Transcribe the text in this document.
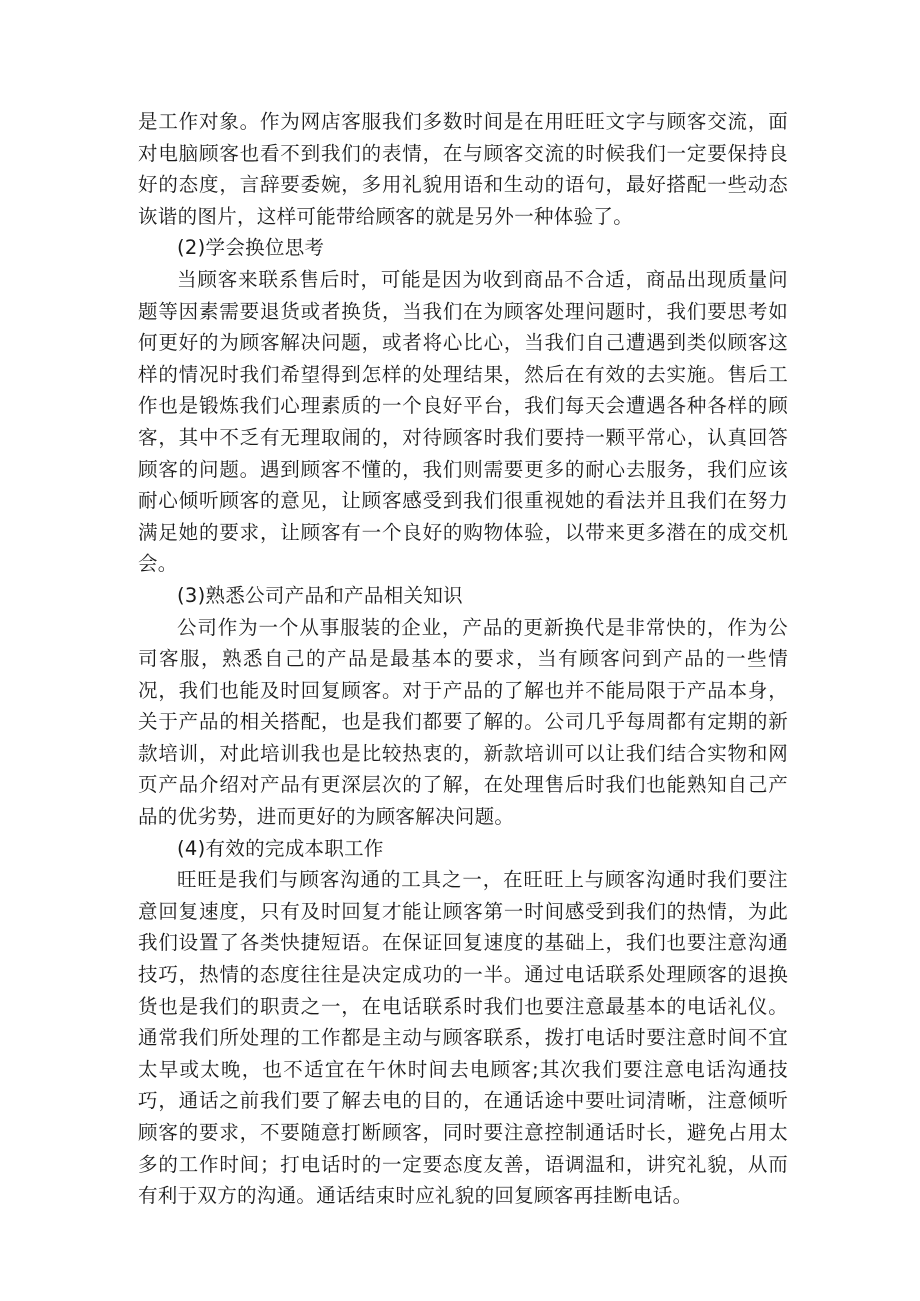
是工作对象。作为网店客服我们多数时间是在用旺旺文字与顾客交流，面对电脑顾客也看不到我们的表情，在与顾客交流的时候我们一定要保持良好的态度，言辞要委婉，多用礼貌用语和生动的语句，最好搭配一些动态诙谐的图片，这样可能带给顾客的就是另外一种体验了。

(2)学会换位思考

当顾客来联系售后时，可能是因为收到商品不合适，商品出现质量问题等因素需要退货或者换货，当我们在为顾客处理问题时，我们要思考如何更好的为顾客解决问题，或者将心比心，当我们自己遭遇到类似顾客这样的情况时我们希望得到怎样的处理结果，然后在有效的去实施。售后工作也是锻炼我们心理素质的一个良好平台，我们每天会遭遇各种各样的顾客，其中不乏有无理取闹的，对待顾客时我们要持一颗平常心，认真回答顾客的问题。遇到顾客不懂的，我们则需要更多的耐心去服务，我们应该耐心倾听顾客的意见，让顾客感受到我们很重视她的看法并且我们在努力满足她的要求，让顾客有一个良好的购物体验，以带来更多潜在的成交机会。

(3)熟悉公司产品和产品相关知识

公司作为一个从事服装的企业，产品的更新换代是非常快的，作为公司客服，熟悉自己的产品是最基本的要求，当有顾客问到产品的一些情况，我们也能及时回复顾客。对于产品的了解也并不能局限于产品本身，关于产品的相关搭配，也是我们都要了解的。公司几乎每周都有定期的新款培训，对此培训我也是比较热衷的，新款培训可以让我们结合实物和网页产品介绍对产品有更深层次的了解，在处理售后时我们也能熟知自己产品的优劣势，进而更好的为顾客解决问题。

(4)有效的完成本职工作

旺旺是我们与顾客沟通的工具之一，在旺旺上与顾客沟通时我们要注意回复速度，只有及时回复才能让顾客第一时间感受到我们的热情，为此我们设置了各类快捷短语。在保证回复速度的基础上，我们也要注意沟通技巧，热情的态度往往是决定成功的一半。通过电话联系处理顾客的退换货也是我们的职责之一，在电话联系时我们也要注意最基本的电话礼仪。通常我们所处理的工作都是主动与顾客联系，拨打电话时要注意时间不宜太早或太晚，也不适宜在午休时间去电顾客;其次我们要注意电话沟通技巧，通话之前我们要了解去电的目的，在通话途中要吐词清晰，注意倾听顾客的要求，不要随意打断顾客，同时要注意控制通话时长，避免占用太多的工作时间；打电话时的一定要态度友善，语调温和，讲究礼貌，从而有利于双方的沟通。通话结束时应礼貌的回复顾客再挂断电话。
